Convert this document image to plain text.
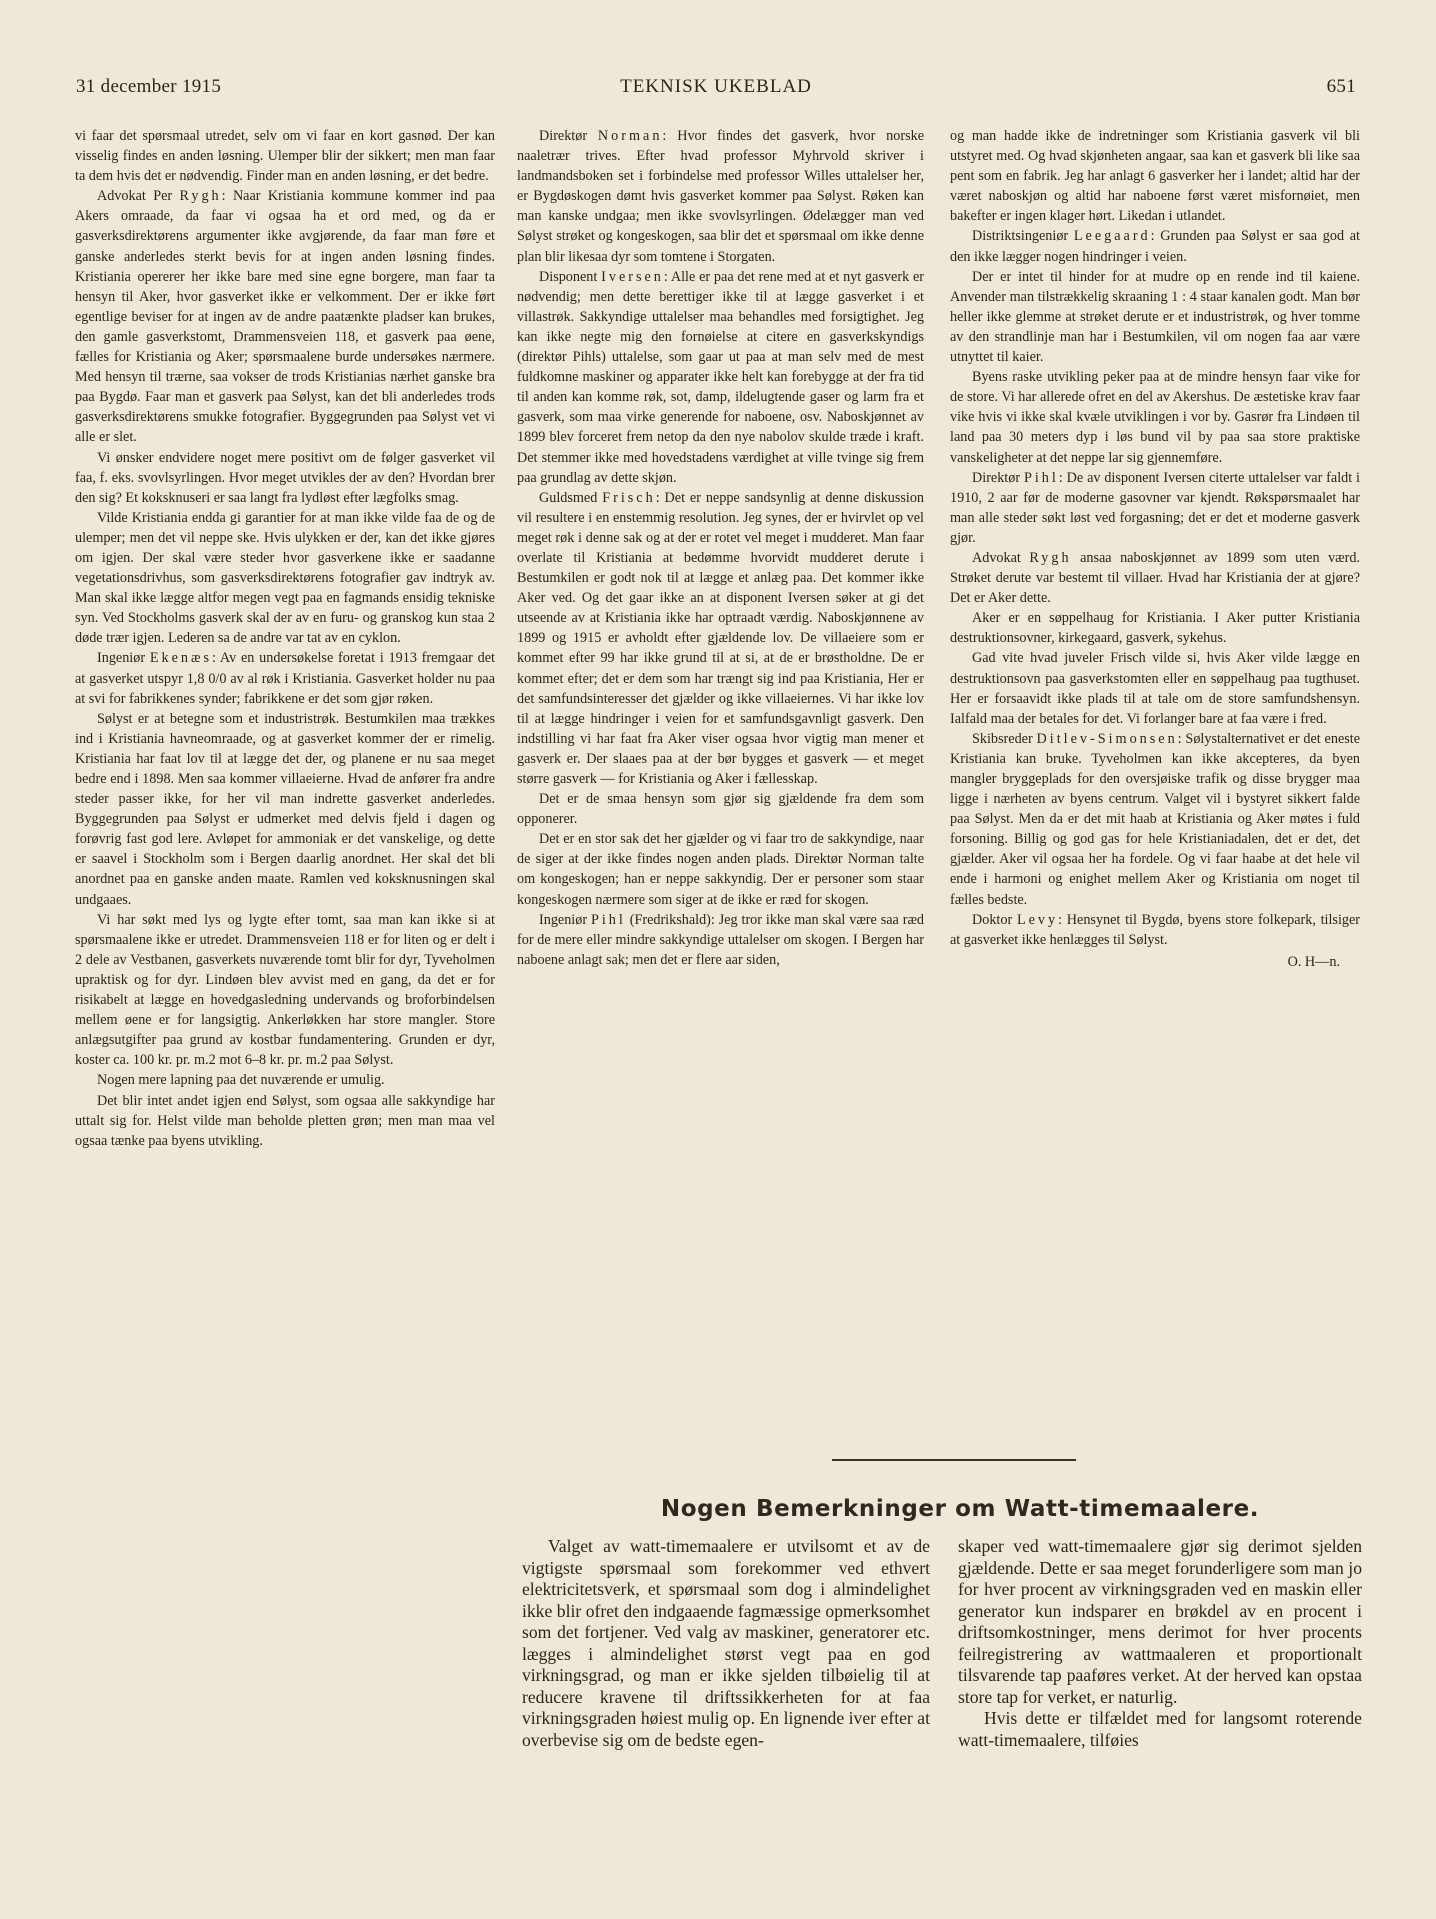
31 december 1915	TEKNISK UKEBLAD	651

vi faar det spørsmaal utredet, selv om vi faar en kort gasnød. Der kan visselig findes en anden løsning. Ulemper blir der sikkert; men man faar ta dem hvis det er nødvendig. Finder man en anden løsning, er det bedre.

Advokat Per Rygh: Naar Kristiania kommune kommer ind paa Akers omraade, da faar vi ogsaa ha et ord med, og da er gasverksdirektørens argumenter ikke avgjørende, da faar man føre et ganske anderledes sterkt bevis for at ingen anden løsning findes. Kristiania opererer her ikke bare med sine egne borgere, man faar ta hensyn til Aker, hvor gasverket ikke er velkomment. Der er ikke ført egentlige beviser for at ingen av de andre paatænkte pladser kan brukes, den gamle gasverkstomt, Drammensveien 118, et gasverk paa øene, fælles for Kristiania og Aker; spørsmaalene burde undersøkes nærmere. Med hensyn til trærne, saa vokser de trods Kristianias nærhet ganske bra paa Bygdø. Faar man et gasverk paa Sølyst, kan det bli anderledes trods gasverksdirektørens smukke fotografier. Byggegrunden paa Sølyst vet vi alle er slet.

Vi ønsker endvidere noget mere positivt om de følger gasverket vil faa, f. eks. svovlsyrlingen. Hvor meget utvikles der av den? Hvordan brer den sig? Et koksknuseri er saa langt fra lydløst efter lægfolks smag.

Vilde Kristiania endda gi garantier for at man ikke vilde faa de og de ulemper; men det vil neppe ske. Hvis ulykken er der, kan det ikke gjøres om igjen. Der skal være steder hvor gasverkene ikke er saadanne vegetationsdrivhus, som gasverksdirektørens fotografier gav indtryk av. Man skal ikke lægge altfor megen vegt paa en fagmands ensidig tekniske syn. Ved Stockholms gasverk skal der av en furu- og granskog kun staa 2 døde trær igjen. Lederen sa de andre var tat av en cyklon.

Ingeniør Ekenæs: Av en undersøkelse foretat i 1913 fremgaar det at gasverket utspyr 1,8 0/0 av al røk i Kristiania. Gasverket holder nu paa at svi for fabrikkenes synder; fabrikkene er det som gjør røken.

Sølyst er at betegne som et industristrøk. Bestumkilen maa trækkes ind i Kristiania havneomraade, og at gasverket kommer der er rimelig. Kristiania har faat lov til at lægge det der, og planene er nu saa meget bedre end i 1898. Men saa kommer villaeierne. Hvad de anfører fra andre steder passer ikke, for her vil man indrette gasverket anderledes. Byggegrunden paa Sølyst er udmerket med delvis fjeld i dagen og forøvrig fast god lere. Avløpet for ammoniak er det vanskelige, og dette er saavel i Stockholm som i Bergen daarlig anordnet. Her skal det bli anordnet paa en ganske anden maate. Ramlen ved koksknusningen skal undgaaes.

Vi har søkt med lys og lygte efter tomt, saa man kan ikke si at spørsmaalene ikke er utredet. Drammensveien 118 er for liten og er delt i 2 dele av Vestbanen, gasverkets nuværende tomt blir for dyr, Tyveholmen upraktisk og for dyr. Lindøen blev avvist med en gang, da det er for risikabelt at lægge en hovedgasledning undervands og broforbindelsen mellem øene er for langsigtig. Ankerløkken har store mangler. Store anlægsutgifter paa grund av kostbar fundamentering. Grunden er dyr, koster ca. 100 kr. pr. m.2 mot 6–8 kr. pr. m.2 paa Sølyst.

Nogen mere lapning paa det nuværende er umulig.

Det blir intet andet igjen end Sølyst, som ogsaa alle sakkyndige har uttalt sig for. Helst vilde man beholde pletten grøn; men man maa vel ogsaa tænke paa byens utvikling.

Direktør Norman: Hvor findes det gasverk, hvor norske naaletrær trives. Efter hvad professor Myhrvold skriver i landmandsboken set i forbindelse med professor Willes uttalelser her, er Bygdøskogen dømt hvis gasverket kommer paa Sølyst. Røken kan man kanske undgaa; men ikke svovlsyrlingen. Ødelægger man ved Sølyst strøket og kongeskogen, saa blir det et spørsmaal om ikke denne plan blir likesaa dyr som tomtene i Storgaten.

Disponent Iversen: Alle er paa det rene med at et nyt gasverk er nødvendig; men dette berettiger ikke til at lægge gasverket i et villastrøk. Sakkyndige uttalelser maa behandles med forsigtighet. Jeg kan ikke negte mig den fornøielse at citere en gasverkskyndigs (direktør Pihls) uttalelse, som gaar ut paa at man selv med de mest fuldkomne maskiner og apparater ikke helt kan forebygge at der fra tid til anden kan komme røk, sot, damp, ildelugtende gaser og larm fra et gasverk, som maa virke generende for naboene, osv. Naboskjønnet av 1899 blev forceret frem netop da den nye nabolov skulde træde i kraft. Det stemmer ikke med hovedstadens værdighet at ville tvinge sig frem paa grundlag av dette skjøn.

Guldsmed Frisch: Det er neppe sandsynlig at denne diskussion vil resultere i en enstemmig resolution. Jeg synes, der er hvirvlet op vel meget røk i denne sak og at der er rotet vel meget i mudderet. Man faar overlate til Kristiania at bedømme hvorvidt mudderet derute i Bestumkilen er godt nok til at lægge et anlæg paa. Det kommer ikke Aker ved. Og det gaar ikke an at disponent Iversen søker at gi det utseende av at Kristiania ikke har optraadt værdig. Naboskjønnene av 1899 og 1915 er avholdt efter gjældende lov. De villaeiere som er kommet efter 99 har ikke grund til at si, at de er brøstholdne. De er kommet efter; det er dem som har trængt sig ind paa Kristiania, Her er det samfundsinteresser det gjælder og ikke villaeiernes. Vi har ikke lov til at lægge hindringer i veien for et samfundsgavnligt gasverk. Den indstilling vi har faat fra Aker viser ogsaa hvor vigtig man mener et gasverk er. Der slaaes paa at der bør bygges et gasverk — et meget større gasverk — for Kristiania og Aker i fællesskap.

Det er de smaa hensyn som gjør sig gjældende fra dem som opponerer.

Det er en stor sak det her gjælder og vi faar tro de sakkyndige, naar de siger at der ikke findes nogen anden plads. Direktør Norman talte om kongeskogen; han er neppe sakkyndig. Der er personer som staar kongeskogen nærmere som siger at de ikke er ræd for skogen.

Ingeniør Pihl (Fredrikshald): Jeg tror ikke man skal være saa ræd for de mere eller mindre sakkyndige uttalelser om skogen. I Bergen har naboene anlagt sak; men det er flere aar siden,

og man hadde ikke de indretninger som Kristiania gasverk vil bli utstyret med. Og hvad skjønheten angaar, saa kan et gasverk bli like saa pent som en fabrik. Jeg har anlagt 6 gasverker her i landet; altid har der været naboskjøn og altid har naboene først været misfornøiet, men bakefter er ingen klager hørt. Likedan i utlandet.

Distriktsingeniør Leegaard: Grunden paa Sølyst er saa god at den ikke lægger nogen hindringer i veien.

Der er intet til hinder for at mudre op en rende ind til kaiene. Anvender man tilstrækkelig skraaning 1 : 4 staar kanalen godt. Man bør heller ikke glemme at strøket derute er et industristrøk, og hver tomme av den strandlinje man har i Bestumkilen, vil om nogen faa aar være utnyttet til kaier.

Byens raske utvikling peker paa at de mindre hensyn faar vike for de store. Vi har allerede ofret en del av Akershus. De æstetiske krav faar vike hvis vi ikke skal kvæle utviklingen i vor by. Gasrør fra Lindøen til land paa 30 meters dyp i løs bund vil by paa saa store praktiske vanskeligheter at det neppe lar sig gjennemføre.

Direktør Pihl: De av disponent Iversen citerte uttalelser var faldt i 1910, 2 aar før de moderne gasovner var kjendt. Røkspørsmaalet har man alle steder søkt løst ved forgasning; det er det et moderne gasverk gjør.

Advokat Rygh ansaa naboskjønnet av 1899 som uten værd. Strøket derute var bestemt til villaer. Hvad har Kristiania der at gjøre? Det er Aker dette.

Aker er en søppelhaug for Kristiania. I Aker putter Kristiania destruktionsovner, kirkegaard, gasverk, sykehus.

Gad vite hvad juveler Frisch vilde si, hvis Aker vilde lægge en destruktionsovn paa gasverkstomten eller en søppelhaug paa tugthuset. Her er forsaavidt ikke plads til at tale om de store samfundshensyn. Ialfald maa der betales for det. Vi forlanger bare at faa være i fred.

Skibsreder Ditlev-Simonsen: Sølystalternativet er det eneste Kristiania kan bruke. Tyveholmen kan ikke akcepteres, da byen mangler bryggeplads for den oversjøiske trafik og disse brygger maa ligge i nærheten av byens centrum. Valget vil i bystyret sikkert falde paa Sølyst. Men da er det mit haab at Kristiania og Aker møtes i fuld forsoning. Billig og god gas for hele Kristianiadalen, det er det, det gjælder. Aker vil ogsaa her ha fordele. Og vi faar haabe at det hele vil ende i harmoni og enighet mellem Aker og Kristiania om noget til fælles bedste.

Doktor Levy: Hensynet til Bygdø, byens store folkepark, tilsiger at gasverket ikke henlægges til Sølyst.

O. H—n.

Nogen Bemerkninger om Watt-timemaalere.

Valget av watt-timemaalere er utvilsomt et av de vigtigste spørsmaal som forekommer ved ethvert elektricitetsverk, et spørsmaal som dog i almindelighet ikke blir ofret den indgaaende fagmæssige opmerksomhet som det fortjener. Ved valg av maskiner, generatorer etc. lægges i almindelighet størst vegt paa en god virkningsgrad, og man er ikke sjelden tilbøielig til at reducere kravene til driftssikkerheten for at faa virkningsgraden høiest mulig op. En lignende iver efter at overbevise sig om de bedste egen-

skaper ved watt-timemaalere gjør sig derimot sjelden gjældende. Dette er saa meget forunderligere som man jo for hver procent av virkningsgraden ved en maskin eller generator kun indsparer en brøkdel av en procent i driftsomkostninger, mens derimot for hver procents feilregistrering av wattmaaleren et proportionalt tilsvarende tap paaføres verket. At der herved kan opstaa store tap for verket, er naturlig.

Hvis dette er tilfældet med for langsomt roterende watt-timemaalere, tilføies
